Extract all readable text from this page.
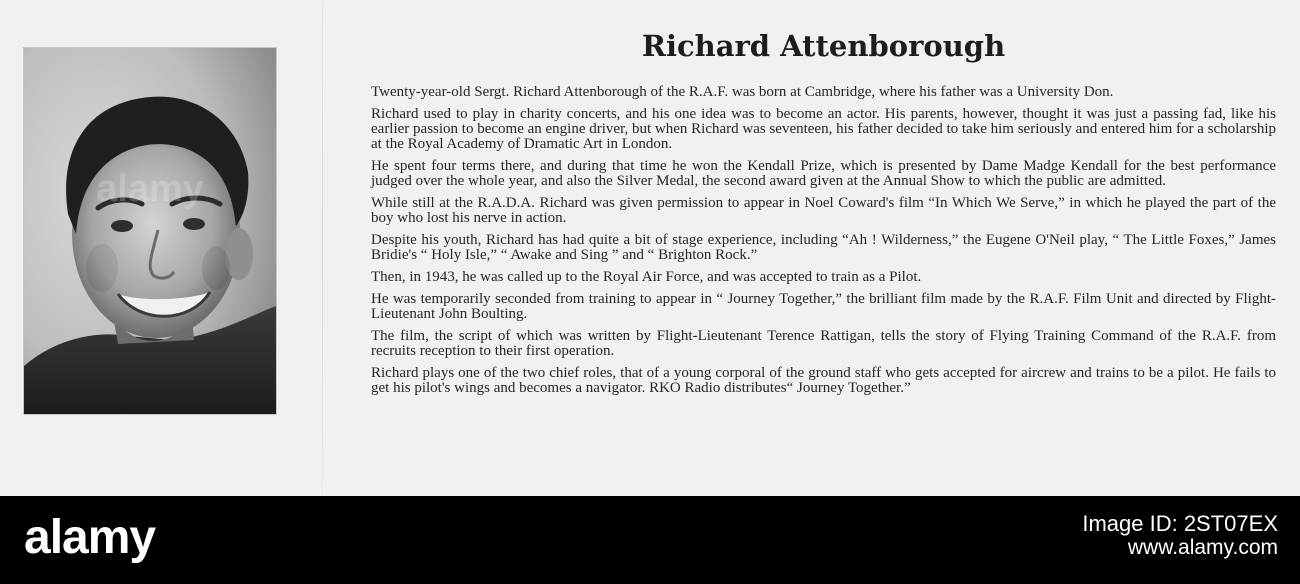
alamy
Richard Attenborough

Twenty-year-old Sergt. Richard Attenborough of the R.A.F. was born at Cambridge, where his father was a University Don.

Richard used to play in charity concerts, and his one idea was to become an actor. His parents, however, thought it was just a passing fad, like his earlier passion to become an engine driver, but when Richard was seventeen, his father decided to take him seriously and entered him for a scholarship at the Royal Academy of Dramatic Art in London.

He spent four terms there, and during that time he won the Kendall Prize, which is presented by Dame Madge Kendall for the best performance judged over the whole year, and also the Silver Medal, the second award given at the Annual Show to which the public are admitted.

While still at the R.A.D.A. Richard was given permission to appear in Noel Coward's film “In Which We Serve,” in which he played the part of the boy who lost his nerve in action.

Despite his youth, Richard has had quite a bit of stage experience, including “Ah ! Wilderness,” the Eugene O'Neil play, “ The Little Foxes,” James Bridie's “ Holy Isle,” “ Awake and Sing ” and “ Brighton Rock.”

Then, in 1943, he was called up to the Royal Air Force, and was accepted to train as a Pilot.

He was temporarily seconded from training to appear in “ Journey Together,” the brilliant film made by the R.A.F. Film Unit and directed by Flight-Lieutenant John Boulting.

The film, the script of which was written by Flight-Lieutenant Terence Rattigan, tells the story of Flying Training Command of the R.A.F. from recruits reception to their first operation.

Richard plays one of the two chief roles, that of a young corporal of the ground staff who gets accepted for aircrew and trains to be a pilot. He fails to get his pilot's wings and becomes a navigator. RKO Radio distributes“ Journey Together.”

alamy	Image ID: 2ST07EX
www.alamy.com
